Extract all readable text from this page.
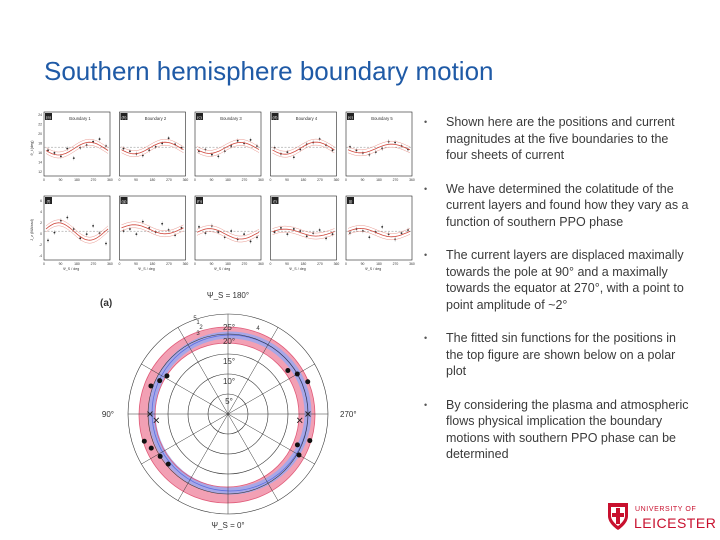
Southern hemisphere boundary motion
• Shown here are the positions and current magnitudes at the five boundaries to the four sheets of current
• We have determined the colatitude of the current layers and found how they vary as a function of southern PPO phase
• The current layers are displaced maximally towards the pole at 90° and a maximally towards the equator at 270°, with a point to point amplitude of ~2°
• The fitted sin functions for the positions in the top figure are shown below on a polar plot
• By considering the plasma and atmospheric flows physical implication the boundary motions with southern PPO phase can be determined
(a)	Boundary 1
0	90	180	270	360
(b)	Boundary 2
0	90	180	270	360
(c)	Boundary 3
0	90	180	270	360
(d)	Boundary 4
0	90	180	270	360
(e)	Boundary 5
0	90	180	270	360
(f)
0	90	180	270	360
Ψ_S / deg
(g)
0	90	180	270	360
Ψ_S / deg
(h)
0	90	180	270	360
Ψ_S / deg
(i)
0	90	180	270	360
Ψ_S / deg
(j)
0	90	180	270	360
Ψ_S / deg
24
22
20
18
16
14
12
6
4
2
0
-2
-4
θ_i (deg)
J_z (MA/rad)
(a)
25°
20°
15°
10°
5°
1
2
3
4
5
Ψ_S = 180°
Ψ_S = 0°
90°	270°
UNIVERSITY OF
LEICESTER
